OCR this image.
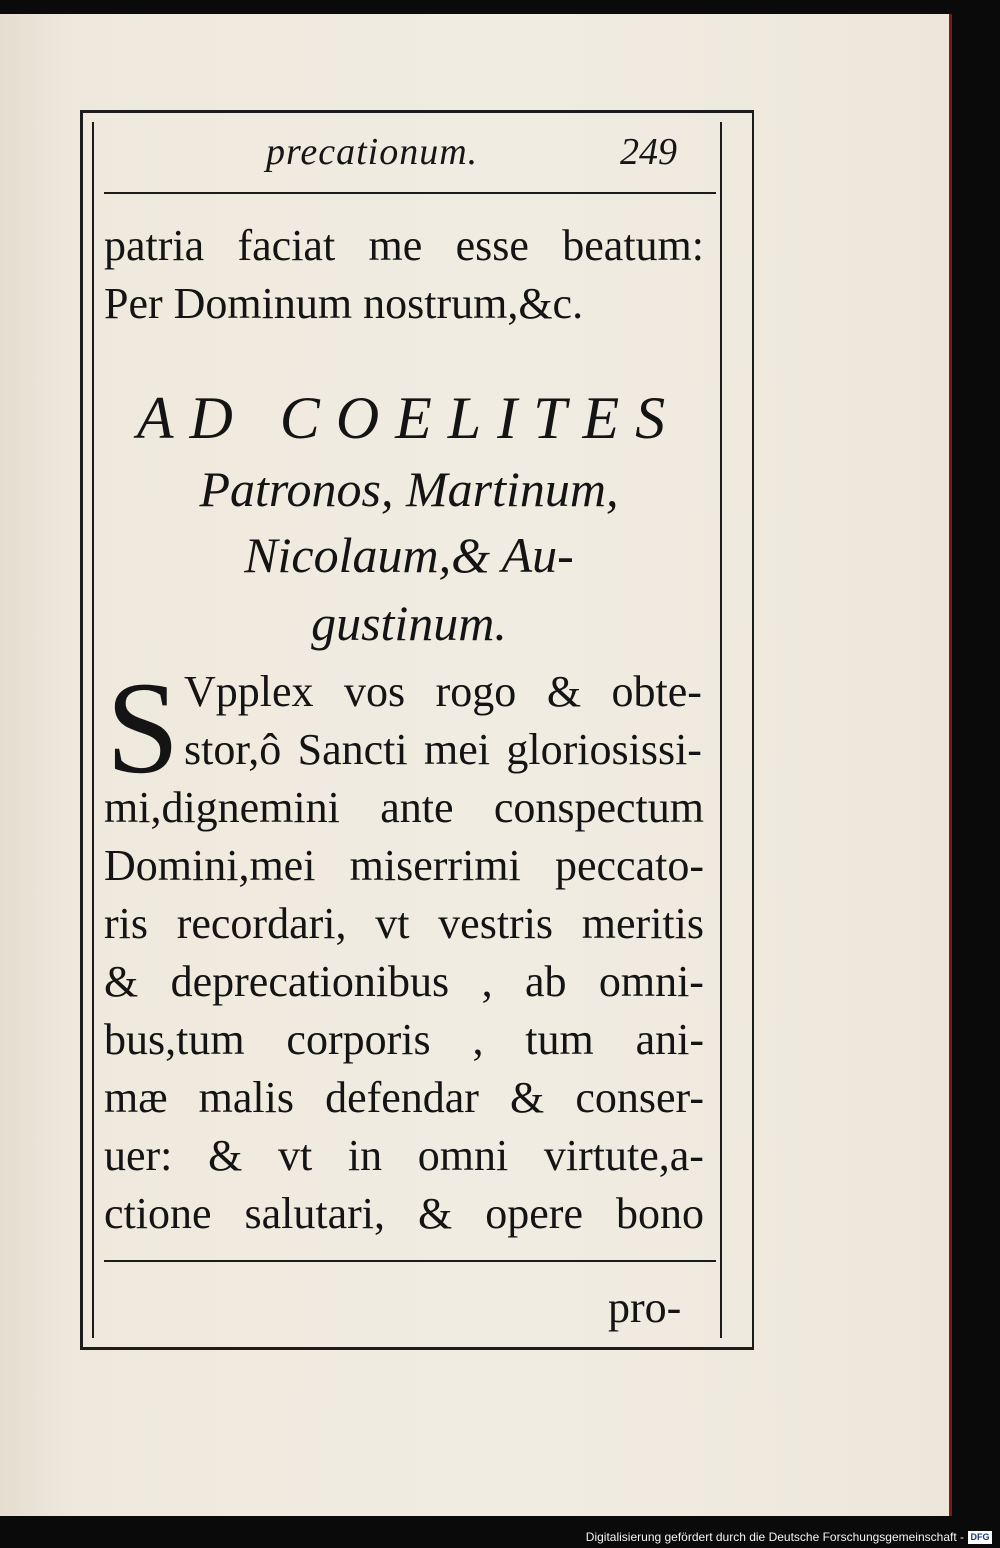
precationum.	249
patria faciat me esse beatum:
Per Dominum nostrum,&c.
AD COELITES
Patronos, Martinum,
Nicolaum,& Au-
gustinum.
S Vpplex vos rogo & obte-
stor,ô Sancti mei gloriosissi-
mi,dignemini ante conspectum
Domini,mei miserrimi peccato-
ris recordari, vt vestris meritis
& deprecationibus , ab omni-
bus,tum corporis , tum ani-
mæ malis defendar & conser-
uer: & vt in omni virtute,a-
ctione salutari, & opere bono
pro-
Digitalisierung gefördert durch die Deutsche Forschungsgemeinschaft - DFG
